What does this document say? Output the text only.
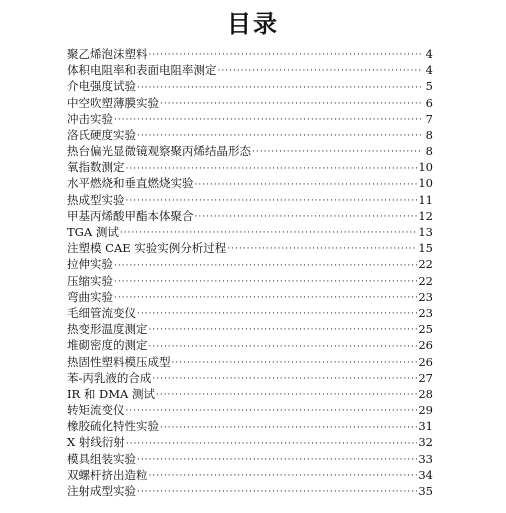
目录
聚乙烯泡沫塑料 ·····	4
体积电阻率和表面电阻率测定 ·····	4
介电强度试验 ·····	5
中空吹塑薄膜实验 ·····	6
冲击实验 ·····	7
洛氏硬度实验 ·····	8
热台偏光显微镜观察聚丙烯结晶形态 ·····	8
氧指数测定 ·····	10
水平燃烧和垂直燃烧实验 ·····	10
热成型实验 ·····	11
甲基丙烯酸甲酯本体聚合 ·····	12
TGA 测试 ·····	13
注塑模 CAE 实验实例分析过程 ·····	15
拉伸实验 ·····	22
压缩实验 ·····	22
弯曲实验 ·····	23
毛细管流变仪 ·····	23
热变形温度测定 ·····	25
堆砌密度的测定 ·····	26
热固性塑料模压成型 ·····	26
苯-丙乳液的合成 ·····	27
IR 和 DMA 测试 ·····	28
转矩流变仪 ·····	29
橡胶硫化特性实验 ·····	31
X 射线衍射 ·····	32
模具组装实验 ·····	33
双螺杆挤出造粒 ·····	34
注射成型实验 ·····	35
